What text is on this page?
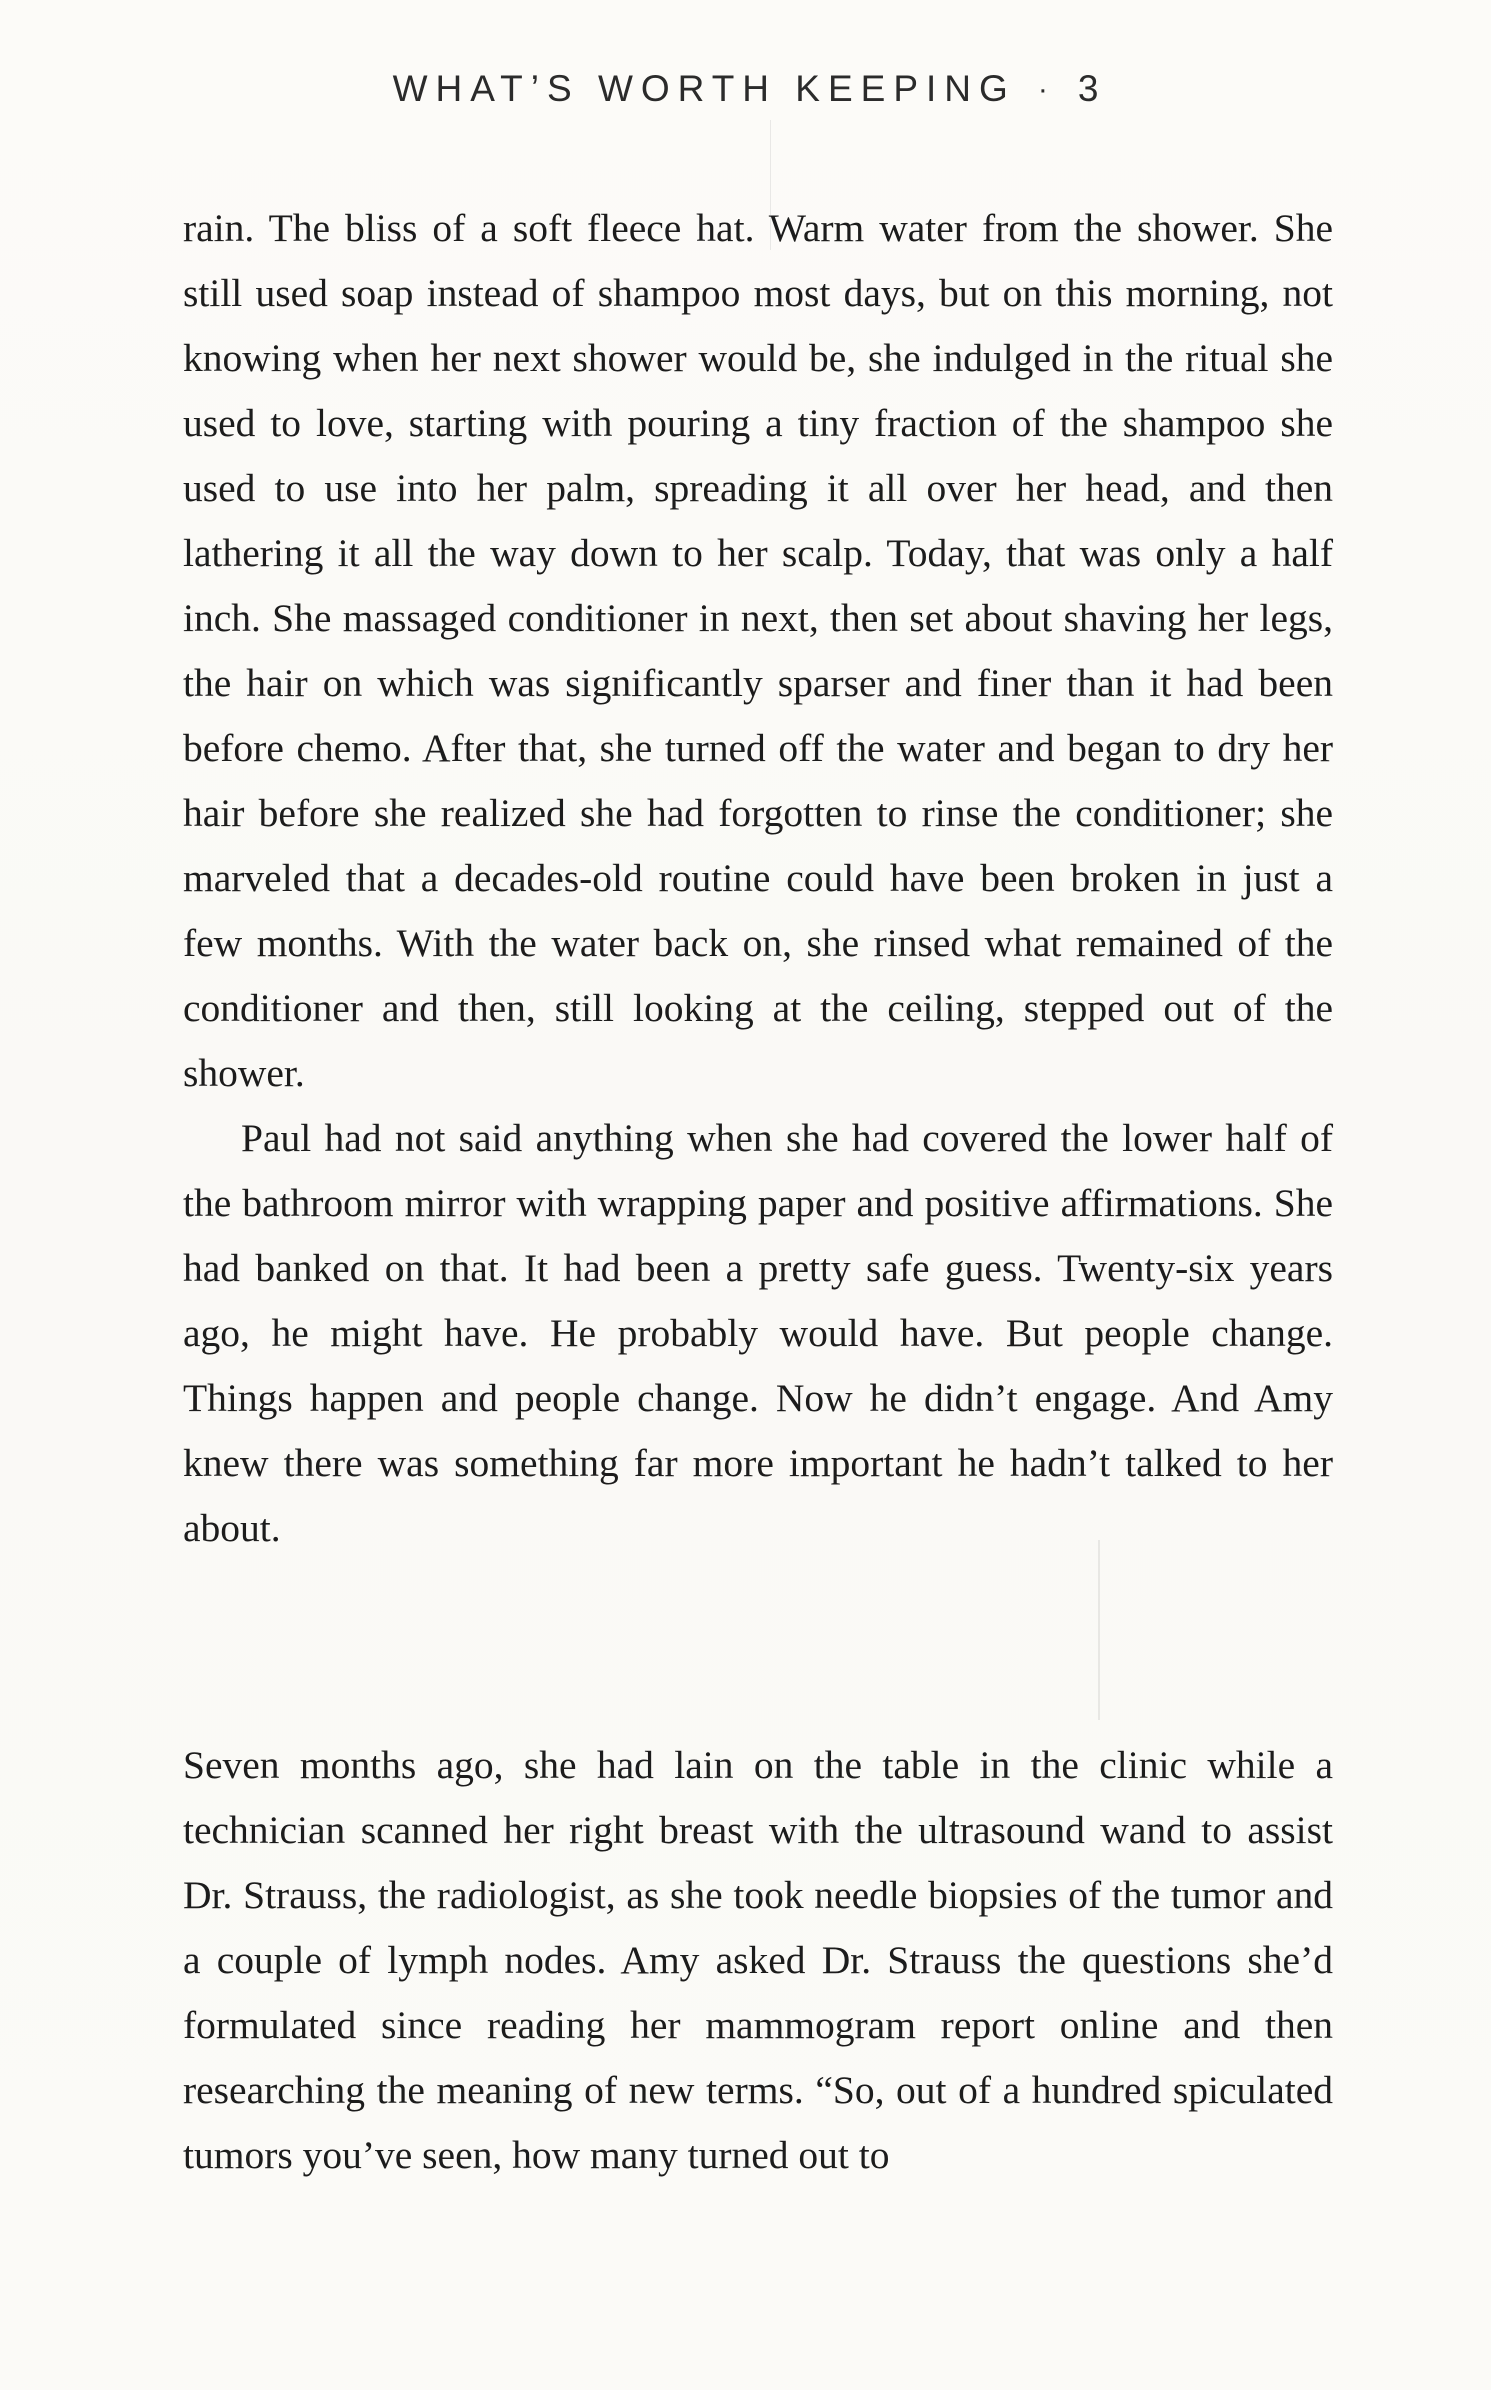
WHAT’S WORTH KEEPING · 3

rain. The bliss of a soft fleece hat. Warm water from the shower. She still used soap instead of shampoo most days, but on this morning, not knowing when her next shower would be, she indulged in the ritual she used to love, starting with pouring a tiny fraction of the shampoo she used to use into her palm, spreading it all over her head, and then lathering it all the way down to her scalp. Today, that was only a half inch. She massaged conditioner in next, then set about shaving her legs, the hair on which was significantly sparser and finer than it had been before chemo. After that, she turned off the water and began to dry her hair before she realized she had forgotten to rinse the conditioner; she marveled that a decades-old routine could have been broken in just a few months. With the water back on, she rinsed what remained of the conditioner and then, still looking at the ceiling, stepped out of the shower.

Paul had not said anything when she had covered the lower half of the bathroom mirror with wrapping paper and positive affirmations. She had banked on that. It had been a pretty safe guess. Twenty-six years ago, he might have. He probably would have. But people change. Things happen and people change. Now he didn’t engage. And Amy knew there was something far more important he hadn’t talked to her about.

Seven months ago, she had lain on the table in the clinic while a technician scanned her right breast with the ultrasound wand to assist Dr. Strauss, the radiologist, as she took needle biopsies of the tumor and a couple of lymph nodes. Amy asked Dr. Strauss the questions she’d formulated since reading her mammogram report online and then researching the meaning of new terms. “So, out of a hundred spiculated tumors you’ve seen, how many turned out to
